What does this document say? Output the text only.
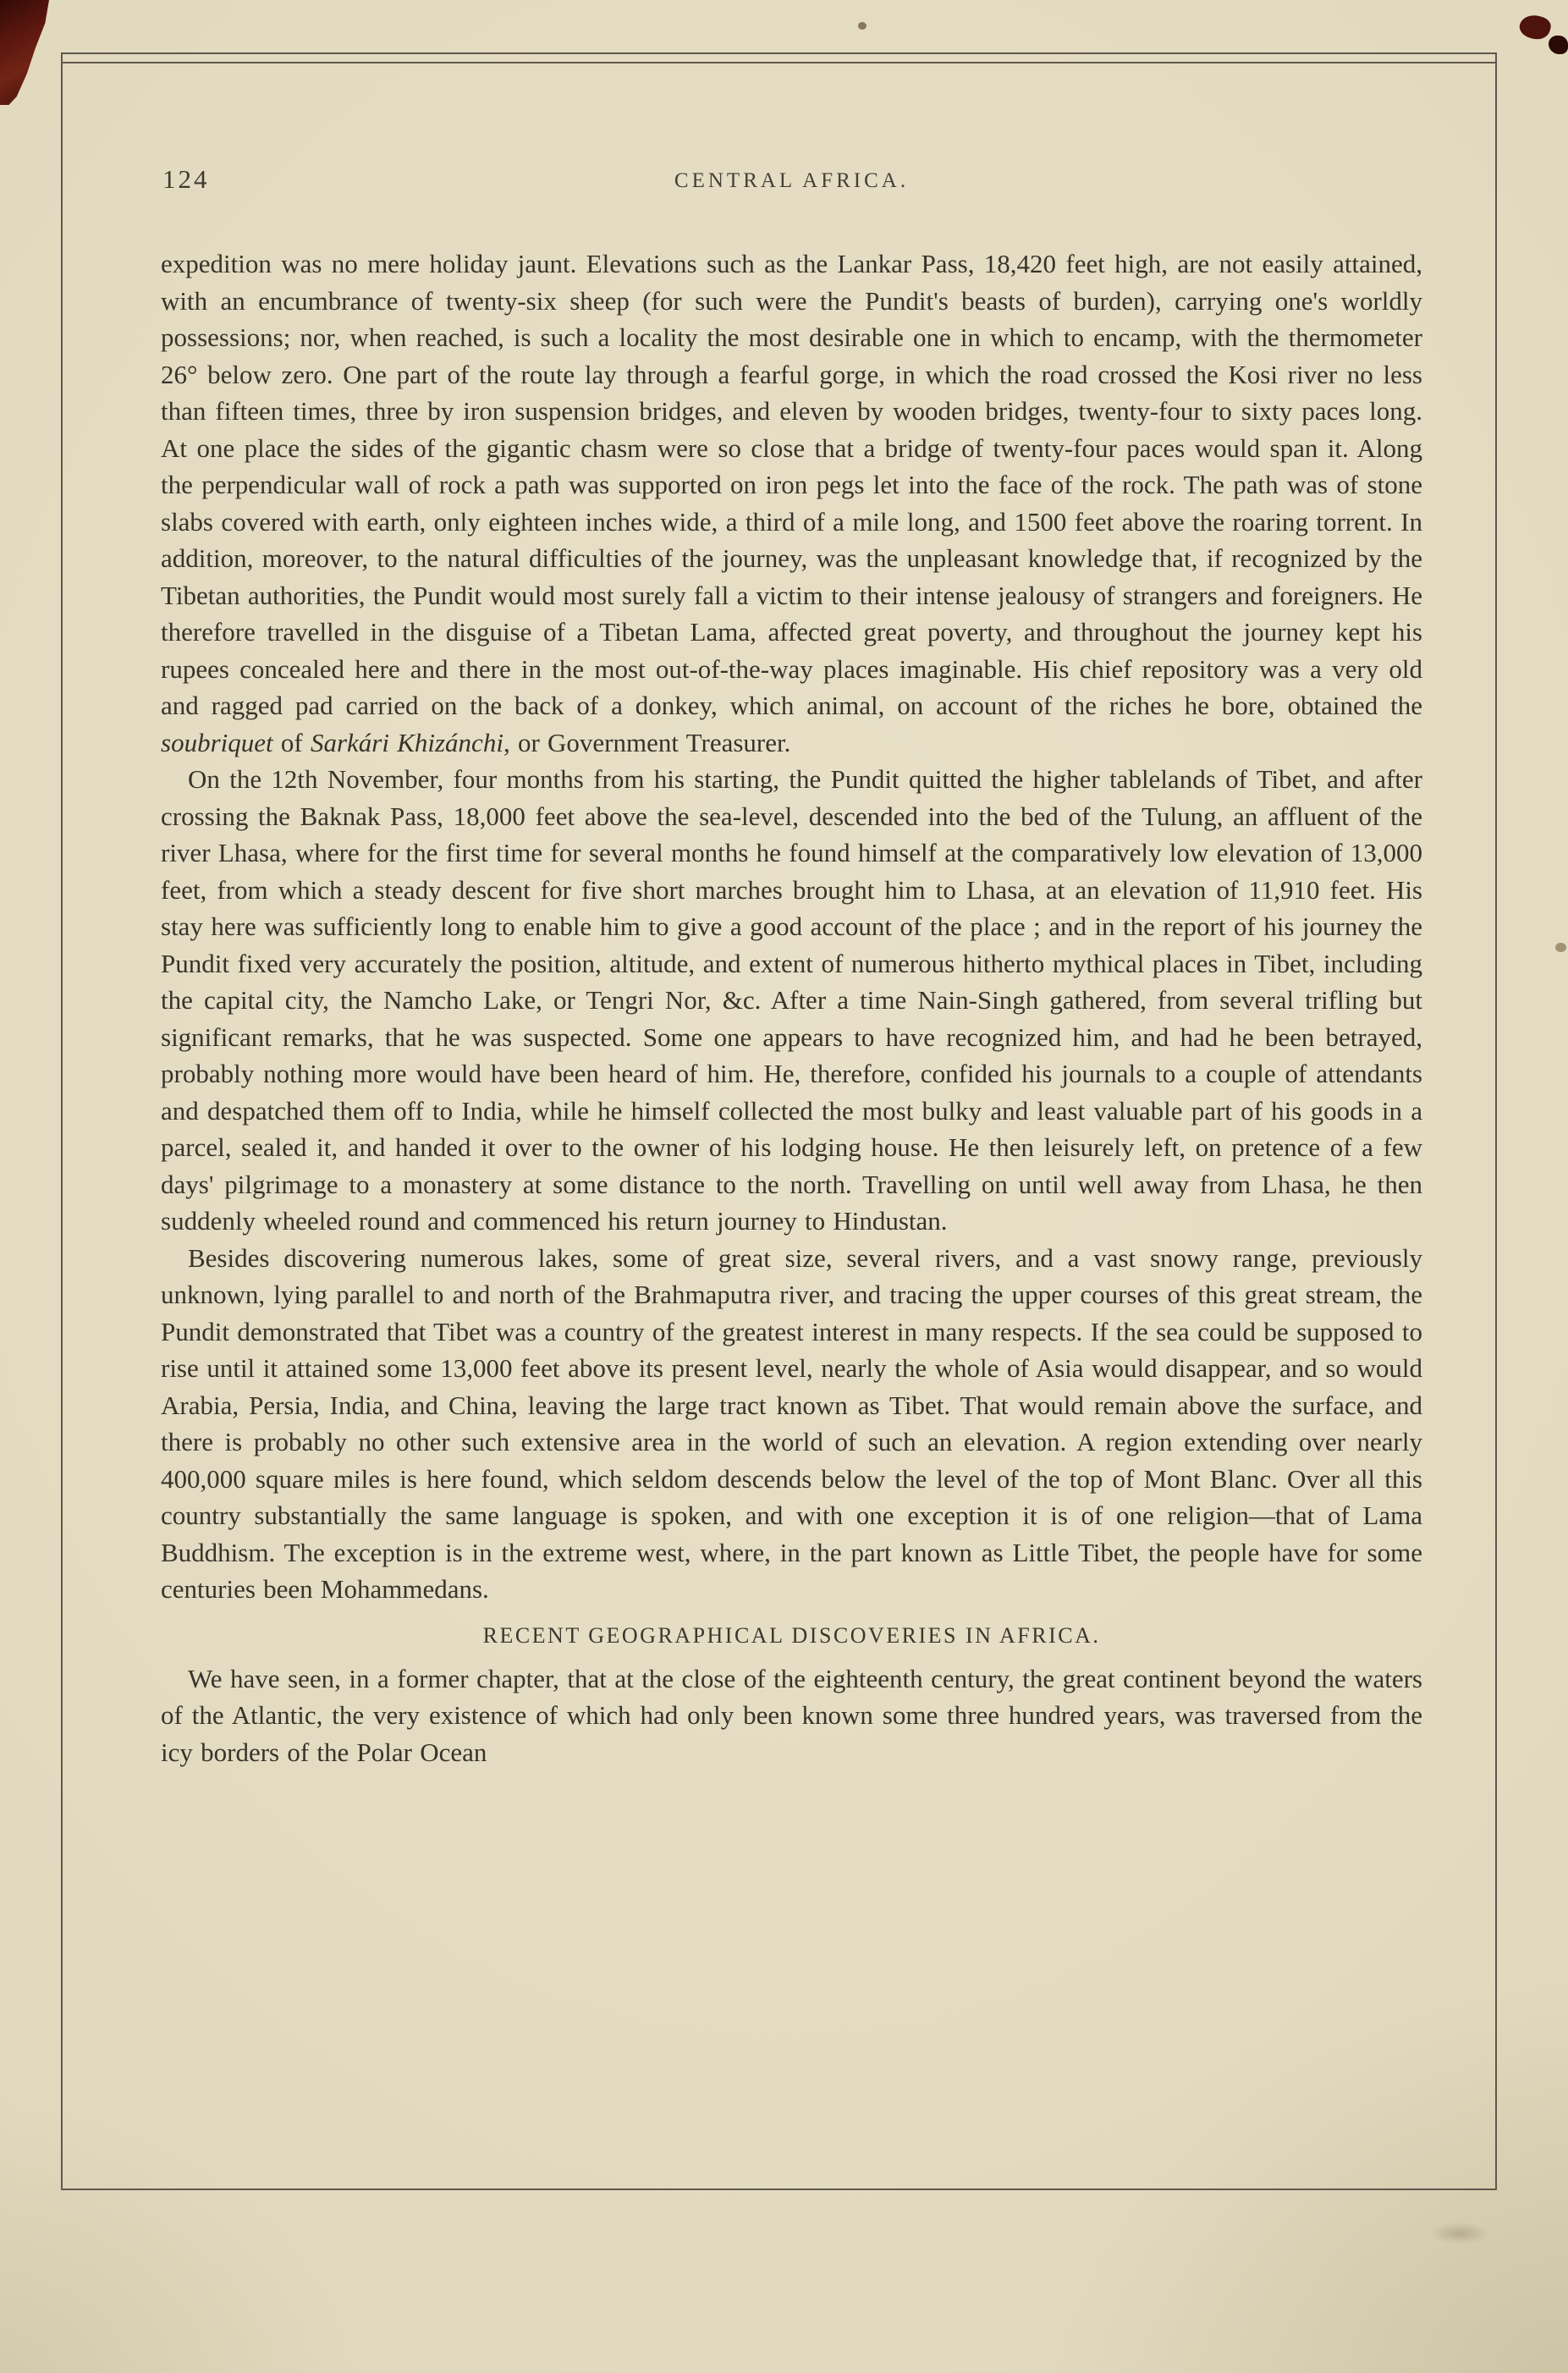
124	CENTRAL AFRICA.

expedition was no mere holiday jaunt. Elevations such as the Lankar Pass, 18,420 feet high, are not easily attained, with an encumbrance of twenty-six sheep (for such were the Pundit's beasts of burden), carrying one's worldly possessions; nor, when reached, is such a locality the most desirable one in which to encamp, with the thermometer 26° below zero. One part of the route lay through a fearful gorge, in which the road crossed the Kosi river no less than fifteen times, three by iron suspension bridges, and eleven by wooden bridges, twenty-four to sixty paces long. At one place the sides of the gigantic chasm were so close that a bridge of twenty-four paces would span it. Along the perpendicular wall of rock a path was supported on iron pegs let into the face of the rock. The path was of stone slabs covered with earth, only eighteen inches wide, a third of a mile long, and 1500 feet above the roaring torrent. In addition, moreover, to the natural difficulties of the journey, was the unpleasant knowledge that, if recognized by the Tibetan authorities, the Pundit would most surely fall a victim to their intense jealousy of strangers and foreigners. He therefore travelled in the disguise of a Tibetan Lama, affected great poverty, and throughout the journey kept his rupees concealed here and there in the most out-of-the-way places imaginable. His chief repository was a very old and ragged pad carried on the back of a donkey, which animal, on account of the riches he bore, obtained the soubriquet of Sarkári Khizánchi, or Government Treasurer.

On the 12th November, four months from his starting, the Pundit quitted the higher tablelands of Tibet, and after crossing the Baknak Pass, 18,000 feet above the sea-level, descended into the bed of the Tulung, an affluent of the river Lhasa, where for the first time for several months he found himself at the comparatively low elevation of 13,000 feet, from which a steady descent for five short marches brought him to Lhasa, at an elevation of 11,910 feet. His stay here was sufficiently long to enable him to give a good account of the place ; and in the report of his journey the Pundit fixed very accurately the position, altitude, and extent of numerous hitherto mythical places in Tibet, including the capital city, the Namcho Lake, or Tengri Nor, &c. After a time Nain-Singh gathered, from several trifling but significant remarks, that he was suspected. Some one appears to have recognized him, and had he been betrayed, probably nothing more would have been heard of him. He, therefore, confided his journals to a couple of attendants and despatched them off to India, while he himself collected the most bulky and least valuable part of his goods in a parcel, sealed it, and handed it over to the owner of his lodging house. He then leisurely left, on pretence of a few days' pilgrimage to a monastery at some distance to the north. Travelling on until well away from Lhasa, he then suddenly wheeled round and commenced his return journey to Hindustan.

Besides discovering numerous lakes, some of great size, several rivers, and a vast snowy range, previously unknown, lying parallel to and north of the Brahmaputra river, and tracing the upper courses of this great stream, the Pundit demonstrated that Tibet was a country of the greatest interest in many respects. If the sea could be supposed to rise until it attained some 13,000 feet above its present level, nearly the whole of Asia would disappear, and so would Arabia, Persia, India, and China, leaving the large tract known as Tibet. That would remain above the surface, and there is probably no other such extensive area in the world of such an elevation. A region extending over nearly 400,000 square miles is here found, which seldom descends below the level of the top of Mont Blanc. Over all this country substantially the same language is spoken, and with one exception it is of one religion—that of Lama Buddhism. The exception is in the extreme west, where, in the part known as Little Tibet, the people have for some centuries been Mohammedans.

RECENT GEOGRAPHICAL DISCOVERIES IN AFRICA.

We have seen, in a former chapter, that at the close of the eighteenth century, the great continent beyond the waters of the Atlantic, the very existence of which had only been known some three hundred years, was traversed from the icy borders of the Polar Ocean
